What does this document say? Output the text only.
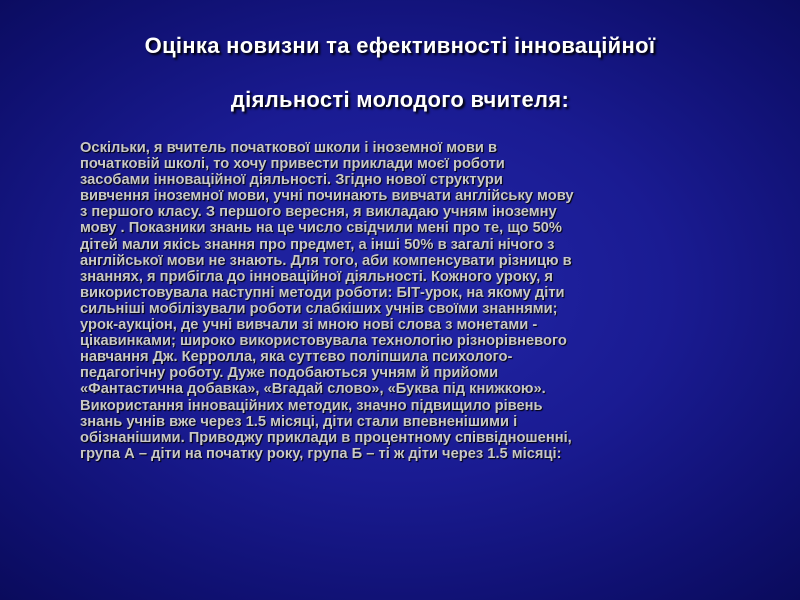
Оцінка новизни та ефективності інноваційної
діяльності молодого вчителя:
Оскільки, я вчитель початкової школи і іноземної мови в
початковій школі, то хочу привести приклади моєї роботи
засобами інноваційної діяльності. Згідно нової структури
вивчення іноземної мови, учні починають вивчати англійську мову
з першого класу. З першого вересня, я викладаю учням іноземну
мову . Показники знань на це число свідчили мені про те, що 50%
дітей мали якісь знання про предмет, а інші 50% в загалі нічого з
англійської мови не знають. Для того, аби компенсувати різницю в
знаннях, я прибігла до інноваційної діяльності. Кожного уроку, я
використовувала наступні методи роботи: БІТ-урок, на якому діти
сильніші мобілізували роботи слабкіших учнів своїми знаннями;
урок-аукціон, де учні вивчали зі мною нові слова з монетами -
цікавинками; широко використовувала технологію різнорівневого
навчання Дж. Керролла, яка суттєво поліпшила психолого-
педагогічну роботу. Дуже подобаються учням й прийоми
«Фантастична добавка», «Вгадай слово», «Буква під книжкою».
Використання інноваційних методик, значно підвищило рівень
знань учнів вже через 1.5 місяці, діти стали впевненішими і
обізнанішими. Приводжу приклади в процентному співвідношенні,
група А – діти на початку року, група Б – ті ж діти через 1.5 місяці:
